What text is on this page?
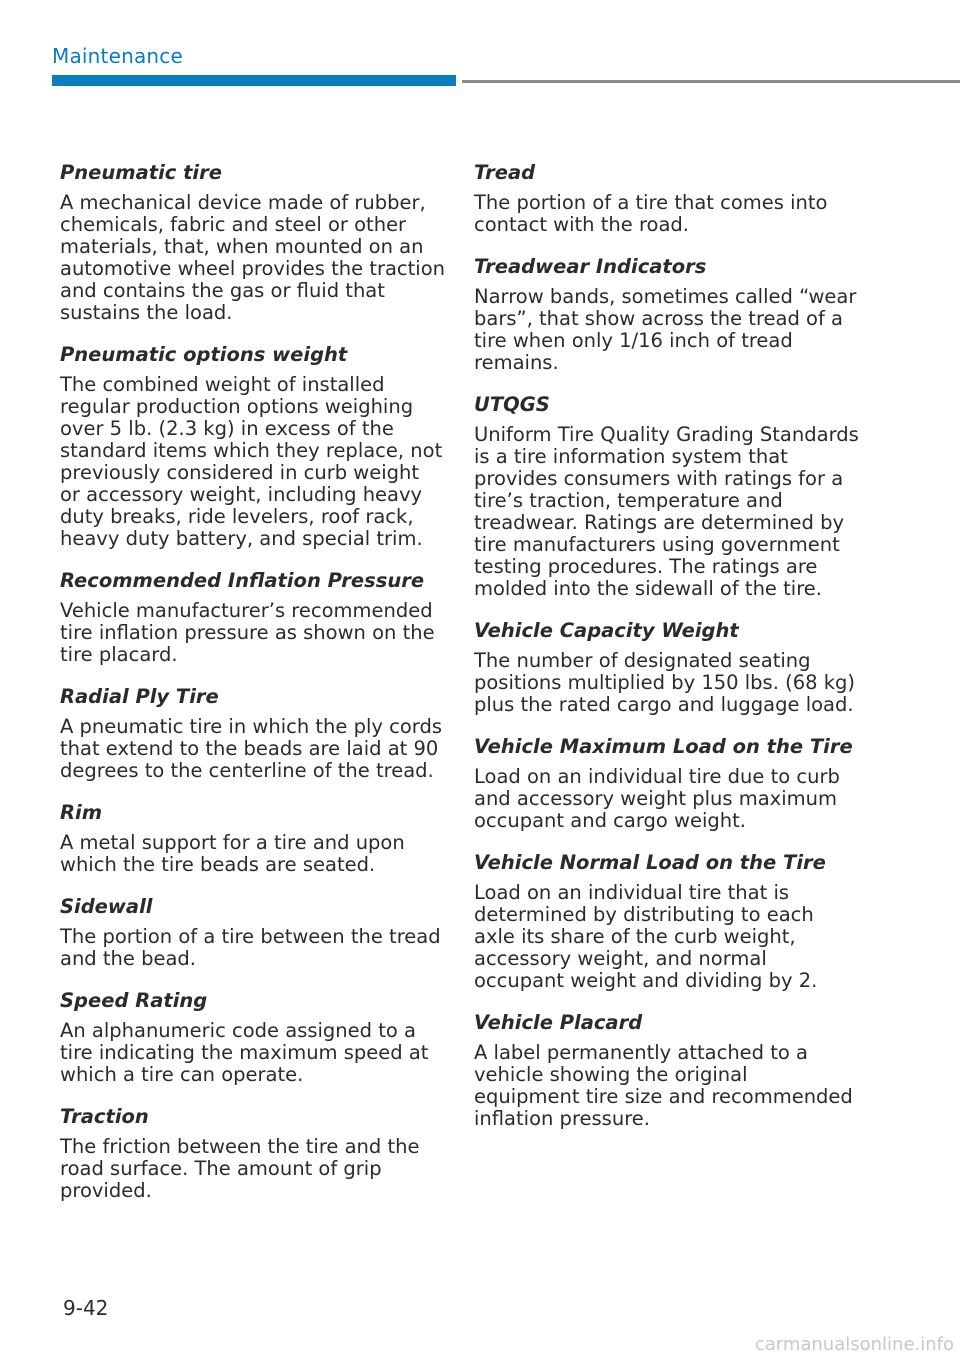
Maintenance

Pneumatic tire

A mechanical device made of rubber, chemicals, fabric and steel or other materials, that, when mounted on an automotive wheel provides the traction and contains the gas or fluid that sustains the load.

Pneumatic options weight

The combined weight of installed regular production options weighing over 5 lb. (2.3 kg) in excess of the standard items which they replace, not previously considered in curb weight or accessory weight, including heavy duty breaks, ride levelers, roof rack, heavy duty battery, and special trim.

Recommended Inflation Pressure

Vehicle manufacturer’s recommended tire inflation pressure as shown on the tire placard.

Radial Ply Tire

A pneumatic tire in which the ply cords that extend to the beads are laid at 90 degrees to the centerline of the tread.

Rim

A metal support for a tire and upon which the tire beads are seated.

Sidewall

The portion of a tire between the tread and the bead.

Speed Rating

An alphanumeric code assigned to a tire indicating the maximum speed at which a tire can operate.

Traction

The friction between the tire and the road surface. The amount of grip provided.

Tread

The portion of a tire that comes into contact with the road.

Treadwear Indicators

Narrow bands, sometimes called “wear bars”, that show across the tread of a tire when only 1/16 inch of tread remains.

UTQGS

Uniform Tire Quality Grading Standards is a tire information system that provides consumers with ratings for a tire’s traction, temperature and treadwear. Ratings are determined by tire manufacturers using government testing procedures. The ratings are molded into the sidewall of the tire.

Vehicle Capacity Weight

The number of designated seating positions multiplied by 150 lbs. (68 kg) plus the rated cargo and luggage load.

Vehicle Maximum Load on the Tire

Load on an individual tire due to curb and accessory weight plus maximum occupant and cargo weight.

Vehicle Normal Load on the Tire

Load on an individual tire that is determined by distributing to each axle its share of the curb weight, accessory weight, and normal occupant weight and dividing by 2.

Vehicle Placard

A label permanently attached to a vehicle showing the original equipment tire size and recommended inflation pressure.

9-42
carmanualsonline.info
